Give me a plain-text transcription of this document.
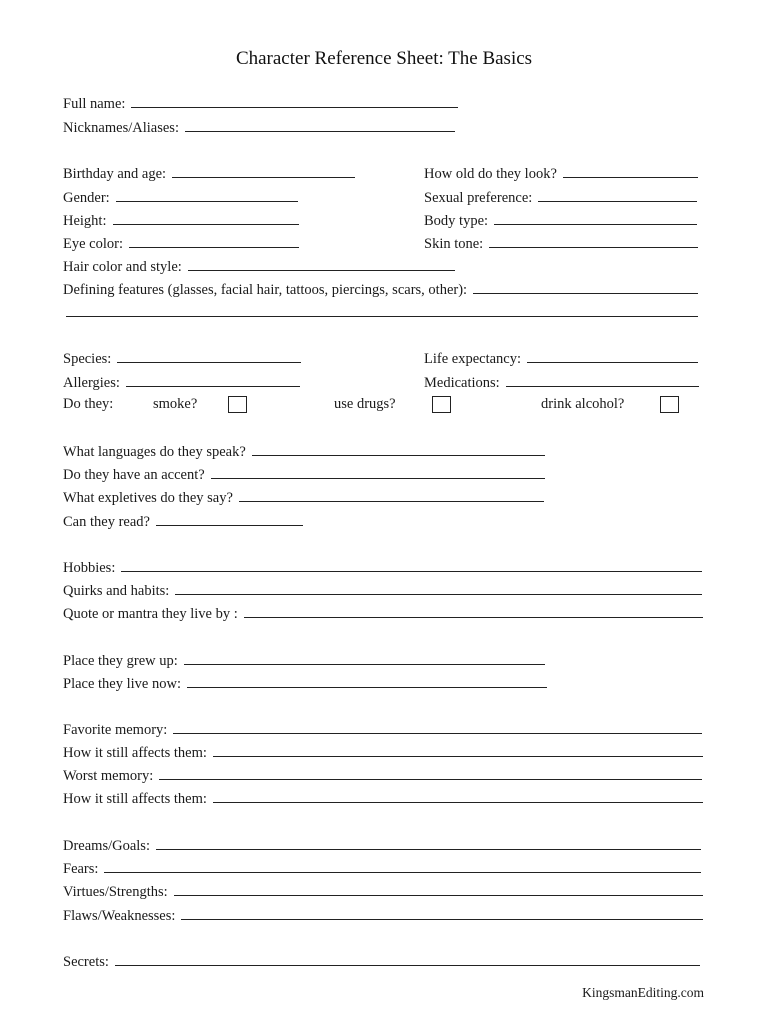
Character Reference Sheet: The Basics
Full name:
Nicknames/Aliases:
Birthday and age:	How old do they look?
Gender:	Sexual preference:
Height:	Body type:
Eye color:	Skin tone:
Hair color and style:
Defining features (glasses, facial hair, tattoos, piercings, scars, other):
Species:	Life expectancy:
Allergies:	Medications:
Do they:	smoke?	use drugs?	drink alcohol?
What languages do they speak?
Do they have an accent?
What expletives do they say?
Can they read?
Hobbies:
Quirks and habits:
Quote or mantra they live by :
Place they grew up:
Place they live now:
Favorite memory:
How it still affects them:
Worst memory:
How it still affects them:
Dreams/Goals:
Fears:
Virtues/Strengths:
Flaws/Weaknesses:
Secrets:
KingsmanEditing.com
